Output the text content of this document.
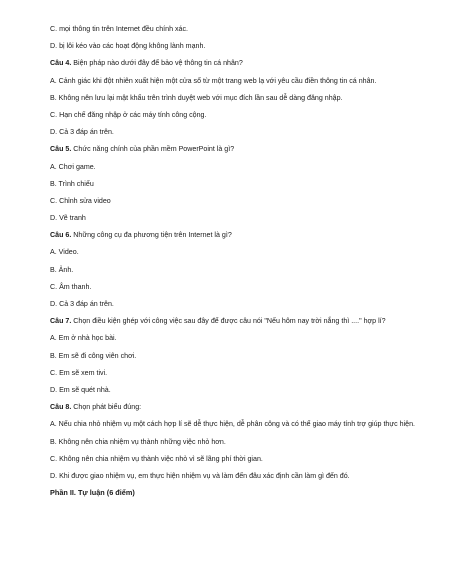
C. mọi thông tin trên Internet đều chính xác.

D. bị lôi kéo vào các hoạt động không lành mạnh.

Câu 4. Biện pháp nào dưới đây để bảo vệ thông tin cá nhân?

A. Cảnh giác khi đột nhiên xuất hiện một cửa sổ từ một trang web lạ với yêu cầu điền thông tin cá nhân.

B. Không nên lưu lại mật khẩu trên trình duyệt web với mục đích lần sau dễ dàng đăng nhập.

C. Hạn chế đăng nhập ở các máy tính công cộng.

D. Cả 3 đáp án trên.

Câu 5. Chức năng chính của phần mềm PowerPoint là gì?

A. Chơi game.

B. Trình chiếu

C. Chỉnh sửa video

D. Vẽ tranh

Câu 6. Những công cụ đa phương tiện trên Internet là gì?

A. Video.

B. Ảnh.

C. Âm thanh.

D. Cả 3 đáp án trên.

Câu 7. Chọn điều kiện ghép với công việc sau đây để được câu nói "Nếu hôm nay trời nắng thì ...." hợp lí?

A. Em ở nhà học bài.

B. Em sẽ đi công viên chơi.

C. Em sẽ xem tivi.

D. Em sẽ quét nhà.

Câu 8. Chọn phát biểu đúng:

A. Nếu chia nhỏ nhiệm vụ một cách hợp lí sẽ dễ thực hiện, dễ phân công và có thể giao máy tính trợ giúp thực hiện.

B. Không nên chia nhiệm vụ thành những việc nhỏ hơn.

C. Không nên chia nhiệm vụ thành việc nhỏ vì sẽ lãng phí thời gian.

D. Khi được giao nhiệm vụ, em thực hiện nhiệm vụ và làm đến đâu xác định cần làm gì đến đó.

Phần II. Tự luận (6 điểm)
